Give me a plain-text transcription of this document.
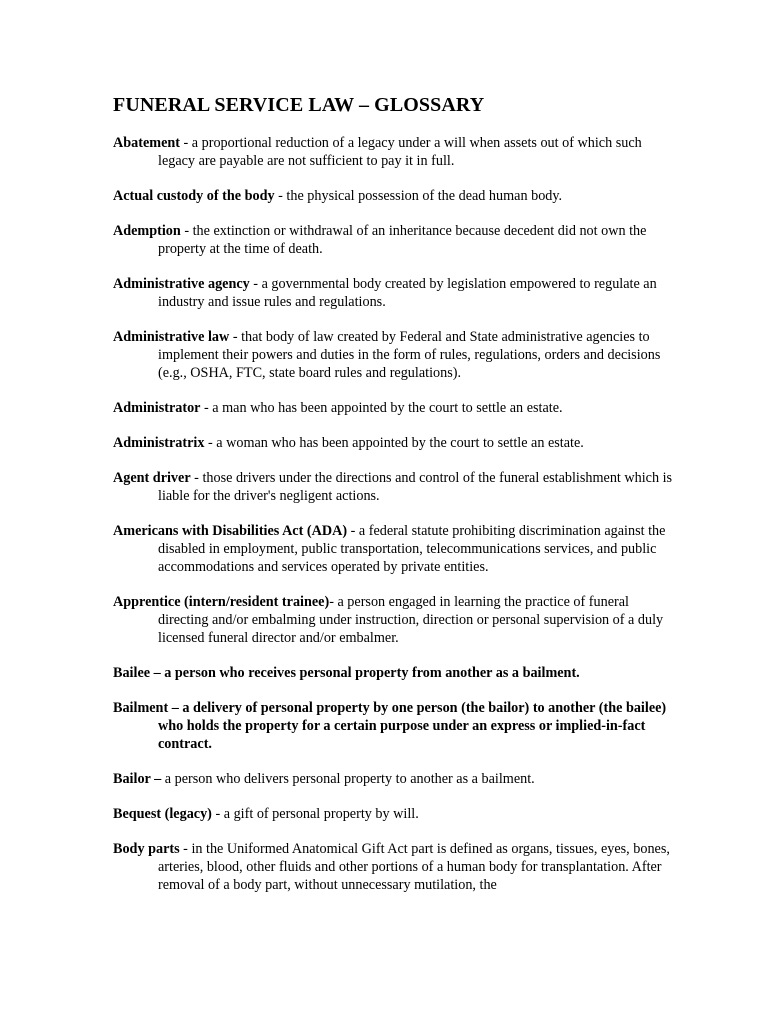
FUNERAL SERVICE LAW – GLOSSARY

Abatement - a proportional reduction of a legacy under a will when assets out of which such legacy are payable are not sufficient to pay it in full.

Actual custody of the body - the physical possession of the dead human body.

Ademption - the extinction or withdrawal of an inheritance because decedent did not own the property at the time of death.

Administrative agency - a governmental body created by legislation empowered to regulate an industry and issue rules and regulations.

Administrative law - that body of law created by Federal and State administrative agencies to implement their powers and duties in the form of rules, regulations, orders and decisions (e.g., OSHA, FTC, state board rules and regulations).

Administrator - a man who has been appointed by the court to settle an estate.

Administratrix - a woman who has been appointed by the court to settle an estate.

Agent driver - those drivers under the directions and control of the funeral establishment which is liable for the driver's negligent actions.

Americans with Disabilities Act (ADA) - a federal statute prohibiting discrimination against the disabled in employment, public transportation, telecommunications services, and public accommodations and services operated by private entities.

Apprentice (intern/resident trainee)- a person engaged in learning the practice of funeral directing and/or embalming under instruction, direction or personal supervision of a duly licensed funeral director and/or embalmer.

Bailee – a person who receives personal property from another as a bailment.

Bailment – a delivery of personal property by one person (the bailor) to another (the bailee) who holds the property for a certain purpose under an express or implied-in-fact contract.

Bailor – a person who delivers personal property to another as a bailment.

Bequest (legacy) - a gift of personal property by will.

Body parts - in the Uniformed Anatomical Gift Act part is defined as organs, tissues, eyes, bones, arteries, blood, other fluids and other portions of a human body for transplantation. After removal of a body part, without unnecessary mutilation, the
